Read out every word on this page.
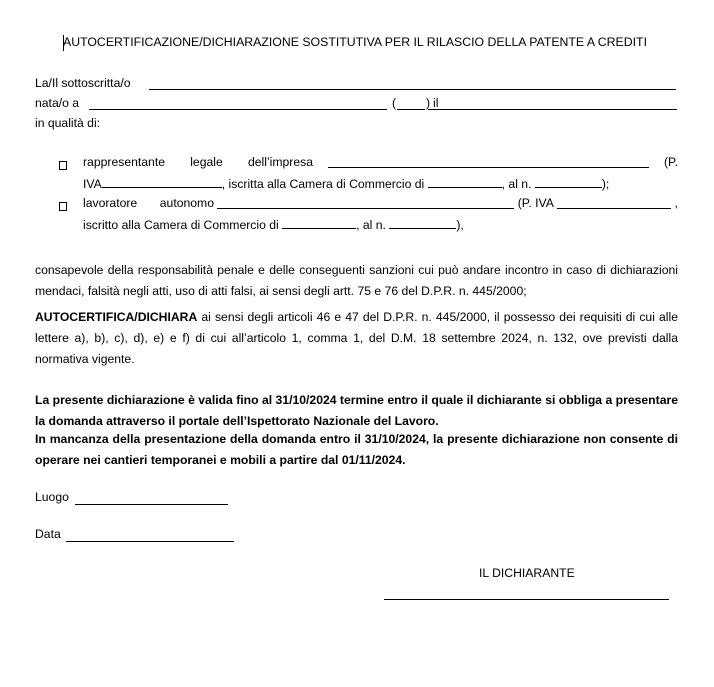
AUTOCERTIFICAZIONE/DICHIARAZIONE SOSTITUTIVA PER IL RILASCIO DELLA PATENTE A CREDITI
La/Il sottoscritta/o
nata/o a	( ) il
in qualità di:
rappresentante legale dell’impresa	(P.
IVA	, iscritta alla Camera di Commercio di	, al n.	);
lavoratore autonomo	(P. IVA	,
iscritto alla Camera di Commercio di	, al n.	),
consapevole della responsabilità penale e delle conseguenti sanzioni cui può andare incontro in caso di dichiarazioni mendaci, falsità negli atti, uso di atti falsi, ai sensi degli artt. 75 e 76 del D.P.R. n. 445/2000;
AUTOCERTIFICA/DICHIARA ai sensi degli articoli 46 e 47 del D.P.R. n. 445/2000, il possesso dei requisiti di cui alle lettere a), b), c), d), e) e f) di cui all’articolo 1, comma 1, del D.M. 18 settembre 2024, n. 132, ove previsti dalla normativa vigente.
La presente dichiarazione è valida fino al 31/10/2024 termine entro il quale il dichiarante si obbliga a presentare la domanda attraverso il portale dell’Ispettorato Nazionale del Lavoro.
In mancanza della presentazione della domanda entro il 31/10/2024, la presente dichiarazione non consente di operare nei cantieri temporanei e mobili a partire dal 01/11/2024.
Luogo
Data
IL DICHIARANTE
